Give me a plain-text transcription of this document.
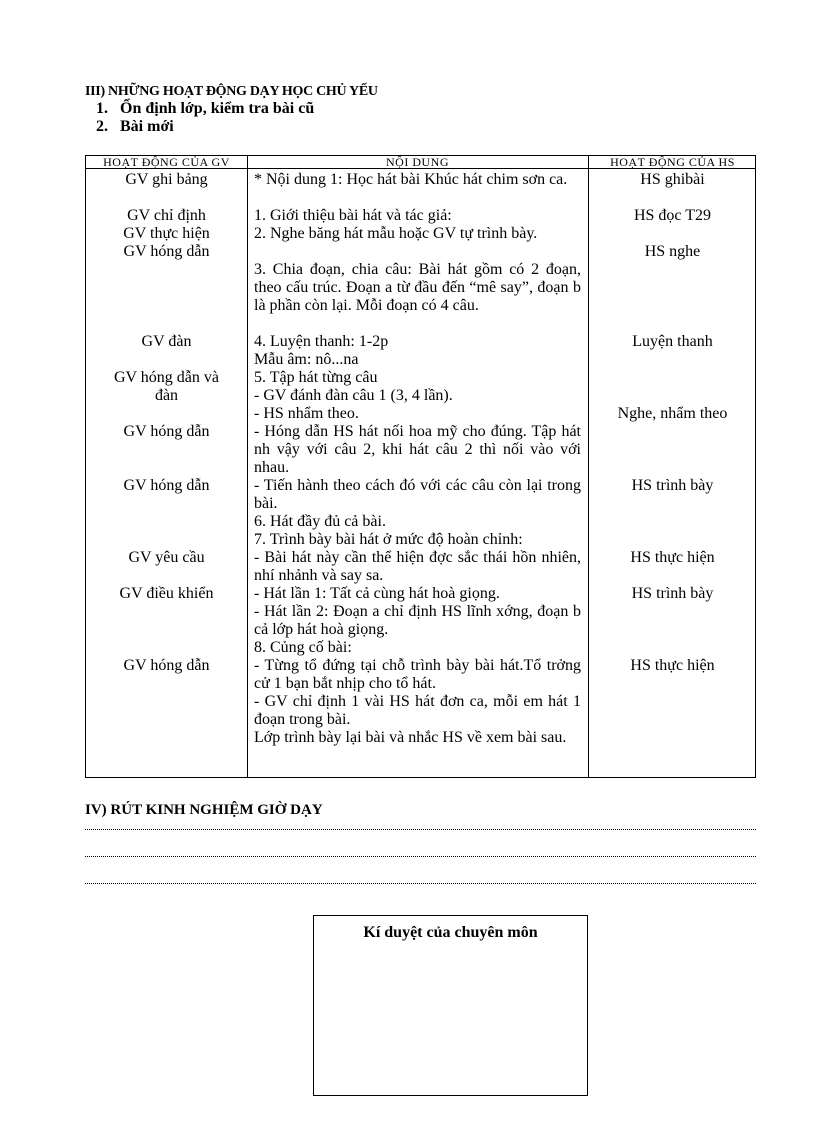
III) NHỮNG HOẠT ĐỘNG DẠY HỌC CHỦ YẾU
1. Ổn định lớp, kiểm tra bài cũ
2. Bài mới
HOẠT ĐỘNG CỦA GV	NỘI DUNG	HOẠT ĐỘNG CỦA HS
GV ghi bảng
GV chỉ định
GV thực hiện
GV hóng dẫn
GV đàn
GV hóng dẫn và
đàn
GV hóng dẫn
GV hóng dẫn
GV yêu cầu
GV điều khiển
GV hóng dẫn
* Nội dung 1: Học hát bài Khúc hát chim sơn ca.
1. Giới thiệu bài hát và tác giả:
2. Nghe băng hát mẫu hoặc GV tự trình bày.
3. Chia đoạn, chia câu: Bài hát gồm có 2 đoạn, theo cấu trúc. Đoạn a từ đầu đến “mê say”, đoạn b là phần còn lại. Mỗi đoạn có 4 câu.
4. Luyện thanh: 1-2p
Mẫu âm: nô...na
5. Tập hát từng câu
- GV đánh đàn câu 1 (3, 4 lần).
- HS nhẩm theo.
- Hóng dẫn HS hát nối hoa mỹ cho đúng. Tập hát nh vậy với câu 2, khi hát câu 2 thì nối vào với nhau.
- Tiến hành theo cách đó với các câu còn lại trong bài.
6. Hát đầy đủ cả bài.
7. Trình bày bài hát ở mức độ hoàn chỉnh:
- Bài hát này cần thể hiện đợc sắc thái hồn nhiên, nhí nhảnh và say sa.
- Hát lần 1: Tất cả cùng hát hoà giọng.
- Hát lần 2: Đoạn a chỉ định HS lĩnh xớng, đoạn b cả lớp hát hoà giọng.
8. Củng cố bài:
- Từng tổ đứng tại chỗ trình bày bài hát.Tổ trởng cử 1 bạn bắt nhịp cho tổ hát.
- GV chỉ định 1 vài HS hát đơn ca, mỗi em hát 1 đoạn trong bài.
Lớp trình bày lại bài và nhắc HS về xem bài sau.
HS ghibài
HS đọc T29
HS nghe
Luyện thanh
Nghe, nhẩm theo
HS trình bày
HS thực hiện
HS trình bày
HS thực hiện
IV) RÚT KINH NGHIỆM GIỜ DẠY
Kí duyệt của chuyên môn
